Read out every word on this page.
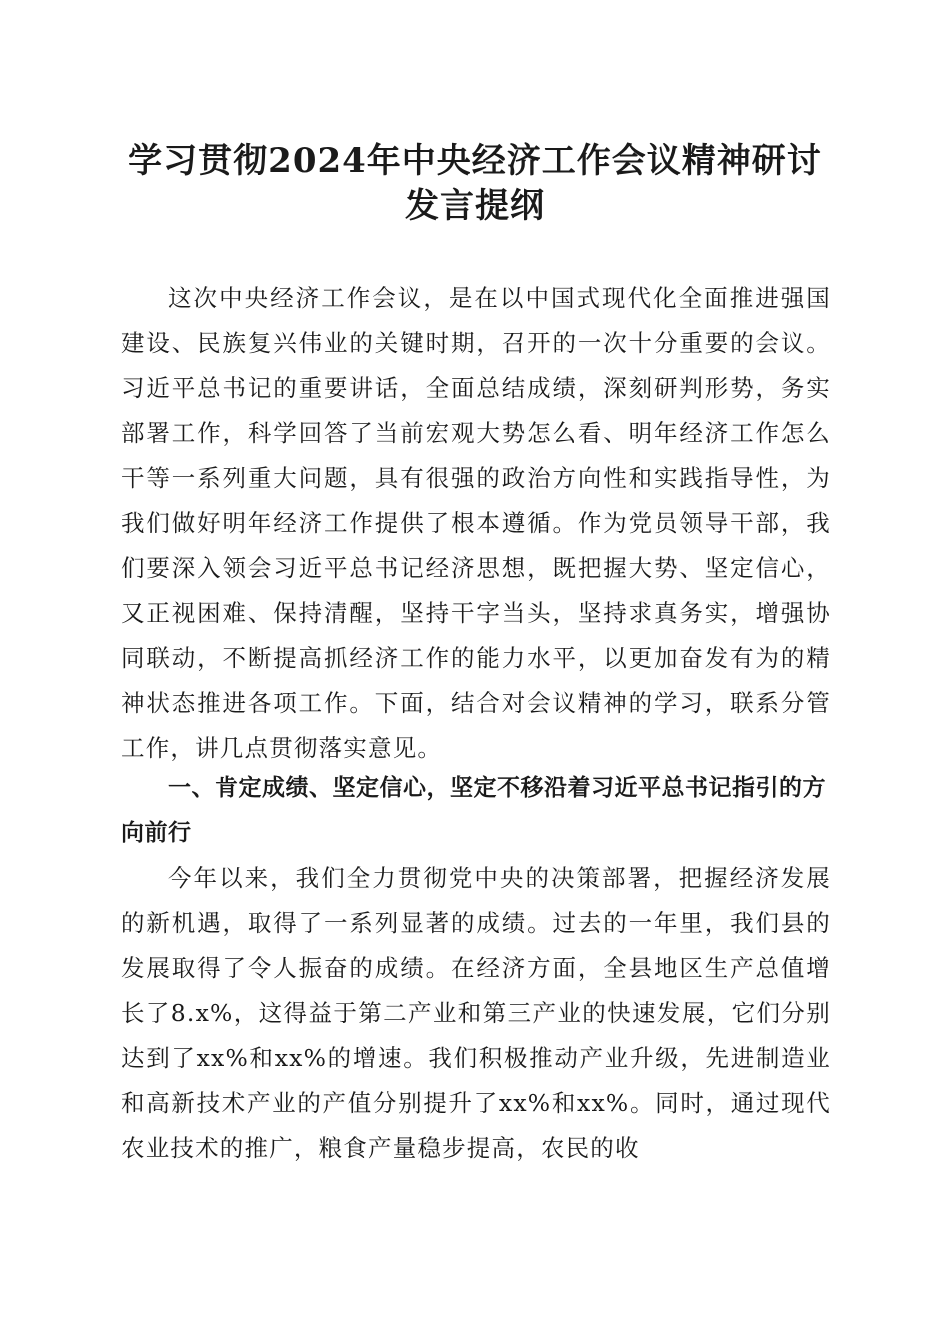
学习贯彻2024年中央经济工作会议精神研讨
发言提纲

这次中央经济工作会议，是在以中国式现代化全面推进强国建设、民族复兴伟业的关键时期，召开的一次十分重要的会议。习近平总书记的重要讲话，全面总结成绩，深刻研判形势，务实部署工作，科学回答了当前宏观大势怎么看、明年经济工作怎么干等一系列重大问题，具有很强的政治方向性和实践指导性，为我们做好明年经济工作提供了根本遵循。作为党员领导干部，我们要深入领会习近平总书记经济思想，既把握大势、坚定信心，又正视困难、保持清醒，坚持干字当头，坚持求真务实，增强协同联动，不断提高抓经济工作的能力水平，以更加奋发有为的精神状态推进各项工作。下面，结合对会议精神的学习，联系分管工作，讲几点贯彻落实意见。

一、肯定成绩、坚定信心，坚定不移沿着习近平总书记指引的方向前行

今年以来，我们全力贯彻党中央的决策部署，把握经济发展的新机遇，取得了一系列显著的成绩。过去的一年里，我们县的发展取得了令人振奋的成绩。在经济方面，全县地区生产总值增长了8.x%，这得益于第二产业和第三产业的快速发展，它们分别达到了xx%和xx%的增速。我们积极推动产业升级，先进制造业和高新技术产业的产值分别提升了xx%和xx%。同时，通过现代农业技术的推广，粮食产量稳步提高，农民的收
